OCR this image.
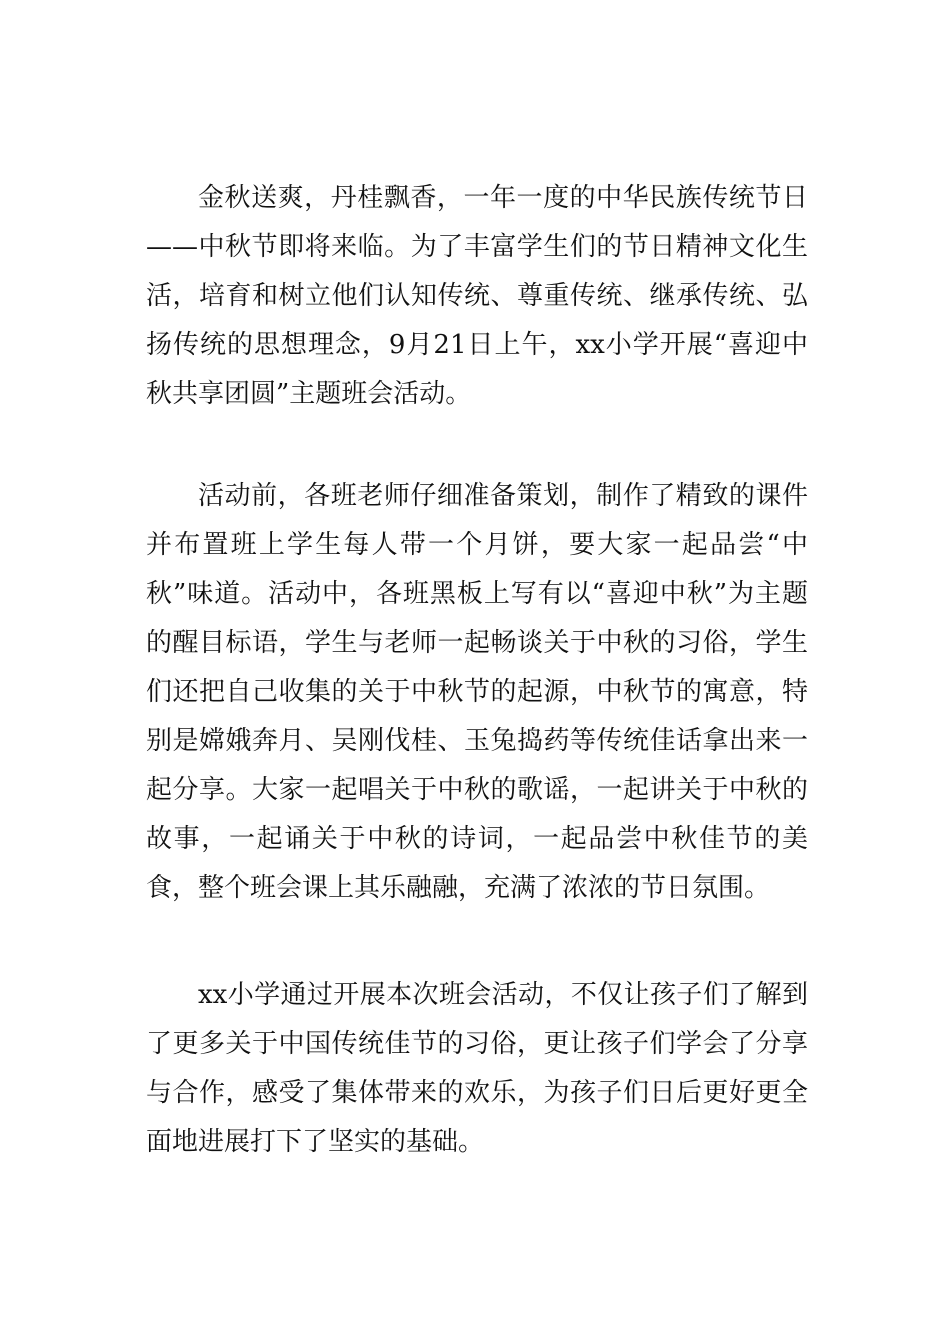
金秋送爽，丹桂飘香，一年一度的中华民族传统节日——中秋节即将来临。为了丰富学生们的节日精神文化生活，培育和树立他们认知传统、尊重传统、继承传统、弘扬传统的思想理念，9月21日上午，xx小学开展“喜迎中秋共享团圆”主题班会活动。

活动前，各班老师仔细准备策划，制作了精致的课件并布置班上学生每人带一个月饼，要大家一起品尝“中秋”味道。活动中，各班黑板上写有以“喜迎中秋”为主题的醒目标语，学生与老师一起畅谈关于中秋的习俗，学生们还把自己收集的关于中秋节的起源，中秋节的寓意，特别是嫦娥奔月、吴刚伐桂、玉兔捣药等传统佳话拿出来一起分享。大家一起唱关于中秋的歌谣，一起讲关于中秋的故事，一起诵关于中秋的诗词，一起品尝中秋佳节的美食，整个班会课上其乐融融，充满了浓浓的节日氛围。

xx小学通过开展本次班会活动，不仅让孩子们了解到了更多关于中国传统佳节的习俗，更让孩子们学会了分享与合作，感受了集体带来的欢乐，为孩子们日后更好更全面地进展打下了坚实的基础。
